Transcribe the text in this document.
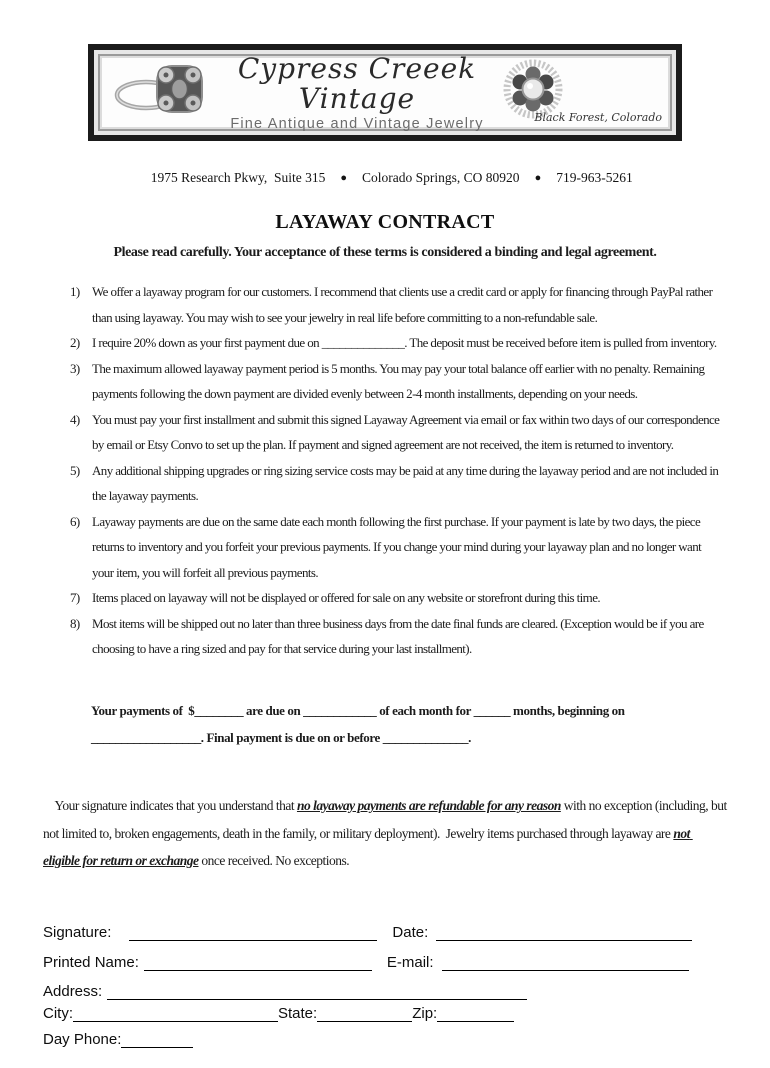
Cypress Creeek Vintage
Fine Antique and Vintage Jewelry	Black Forest, Colorado

1975 Research Pkwy,  Suite 315 ● Colorado Springs, CO 80920 ● 719-963-5261

LAYAWAY CONTRACT
Please read carefully. Your acceptance of these terms is considered a binding and legal agreement.
1) We offer a layaway program for our customers. I recommend that clients use a credit card or apply for financing through PayPal rather than using layaway. You may wish to see your jewelry in real life before committing to a non-refundable sale.
2) I require 20% down as your first payment due on ______________. The deposit must be received before item is pulled from inventory.
3) The maximum allowed layaway payment period is 5 months. You may pay your total balance off earlier with no penalty. Remaining payments following the down payment are divided evenly between 2-4 month installments, depending on your needs.
4) You must pay your first installment and submit this signed Layaway Agreement via email or fax within two days of our correspondence by email or Etsy Convo to set up the plan. If payment and signed agreement are not received, the item is returned to inventory.
5) Any additional shipping upgrades or ring sizing service costs may be paid at any time during the layaway period and are not included in the layaway payments.
6) Layaway payments are due on the same date each month following the first purchase. If your payment is late by two days, the piece returns to inventory and you forfeit your previous payments. If you change your mind during your layaway plan and no longer want your item, you will forfeit all previous payments.
7) Items placed on layaway will not be displayed or offered for sale on any website or storefront during this time.
8) Most items will be shipped out no later than three business days from the date final funds are cleared. (Exception would be if you are choosing to have a ring sized and pay for that service during your last installment).
Your payments of  $________ are due on ____________ of each month for ______ months, beginning on __________________. Final payment is due on or before ______________.

Your signature indicates that you understand that no layaway payments are refundable for any reason with no exception (including, but not limited to, broken engagements, death in the family, or military deployment).  Jewelry items purchased through layaway are not eligible for return or exchange once received. No exceptions.

Signature:	Date:
Printed Name:	E-mail:
Address:
City:	State:	Zip:
Day Phone:
